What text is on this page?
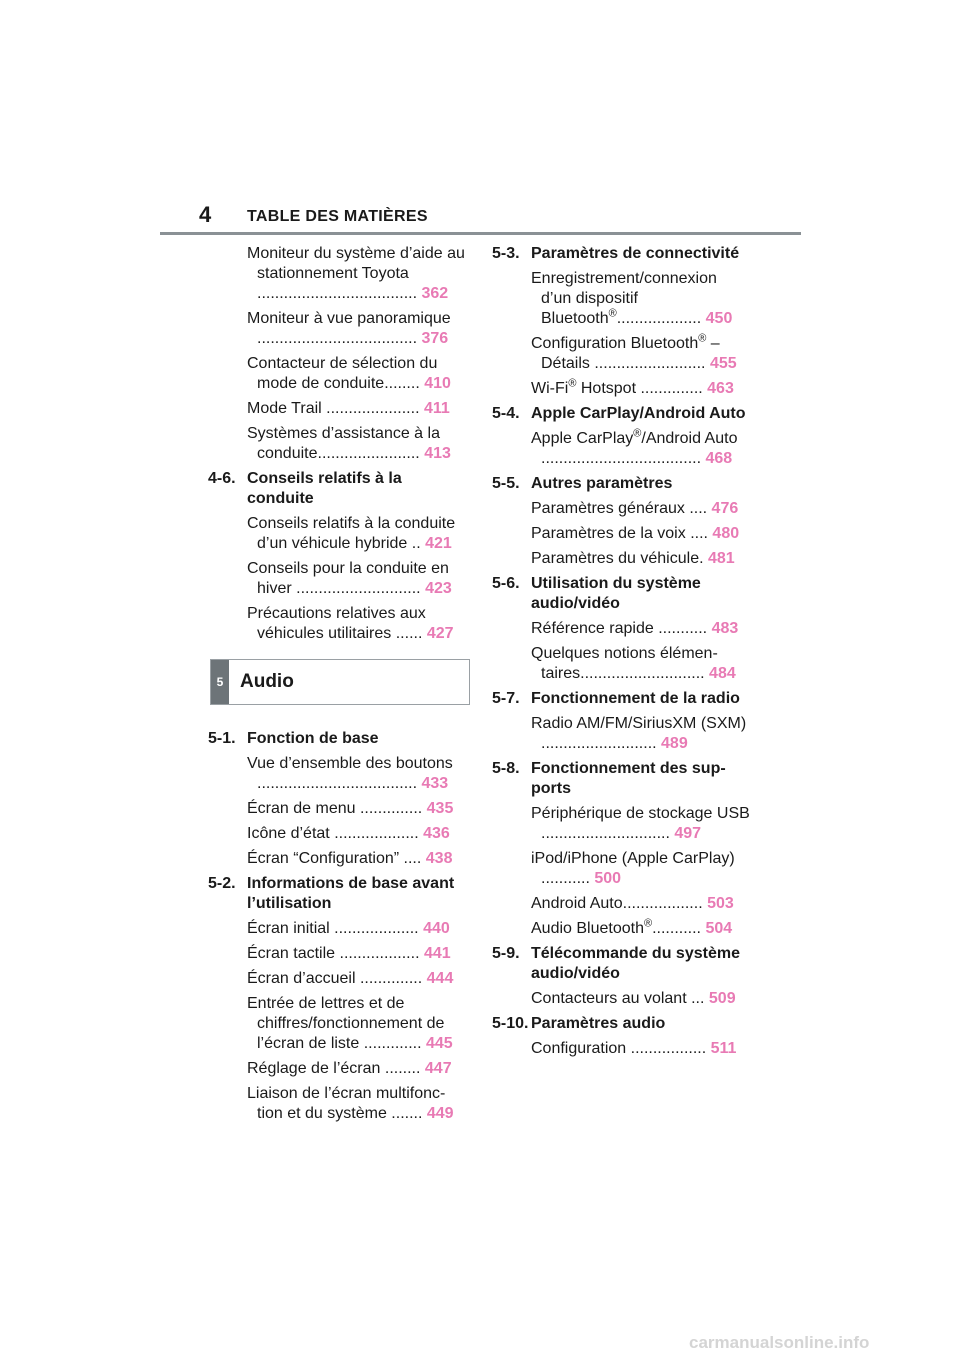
4 TABLE DES MATIÈRES
Moniteur du système d’aide au stationnement Toyota
.................................... 362
Moniteur à vue panoramique
.................................... 376
Contacteur de sélection du mode de conduite........ 410
Mode Trail ..................... 411
Systèmes d’assistance à la conduite....................... 413
4-6. Conseils relatifs à la conduite
Conseils relatifs à la conduite d’un véhicule hybride .. 421
Conseils pour la conduite en hiver ............................ 423
Précautions relatives aux véhicules utilitaires ...... 427
5 Audio
5-1. Fonction de base
Vue d’ensemble des boutons
.................................... 433
Écran de menu .............. 435
Icône d’état ................... 436
Écran “Configuration” .... 438
5-2. Informations de base avant l’utilisation
Écran initial ................... 440
Écran tactile .................. 441
Écran d’accueil .............. 444
Entrée de lettres et de chiffres/fonctionnement de l’écran de liste ............. 445
Réglage de l’écran ........ 447
Liaison de l’écran multifonc-tion et du système ....... 449
5-3. Paramètres de connectivité
Enregistrement/connexion d’un dispositif Bluetooth®................... 450
Configuration Bluetooth® – Détails ......................... 455
Wi-Fi® Hotspot .............. 463
5-4. Apple CarPlay/Android Auto
Apple CarPlay®/Android Auto
.................................... 468
5-5. Autres paramètres
Paramètres généraux .... 476
Paramètres de la voix .... 480
Paramètres du véhicule. 481
5-6. Utilisation du système audio/vidéo
Référence rapide ........... 483
Quelques notions élémen-taires............................ 484
5-7. Fonctionnement de la radio
Radio AM/FM/SiriusXM (SXM) .......................... 489
5-8. Fonctionnement des sup-ports
Périphérique de stockage USB ............................. 497
iPod/iPhone (Apple CarPlay) ........... 500
Android Auto.................. 503
Audio Bluetooth®........... 504
5-9. Télécommande du système audio/vidéo
Contacteurs au volant ... 509
5-10. Paramètres audio
Configuration ................. 511
carmanualsonline.info
